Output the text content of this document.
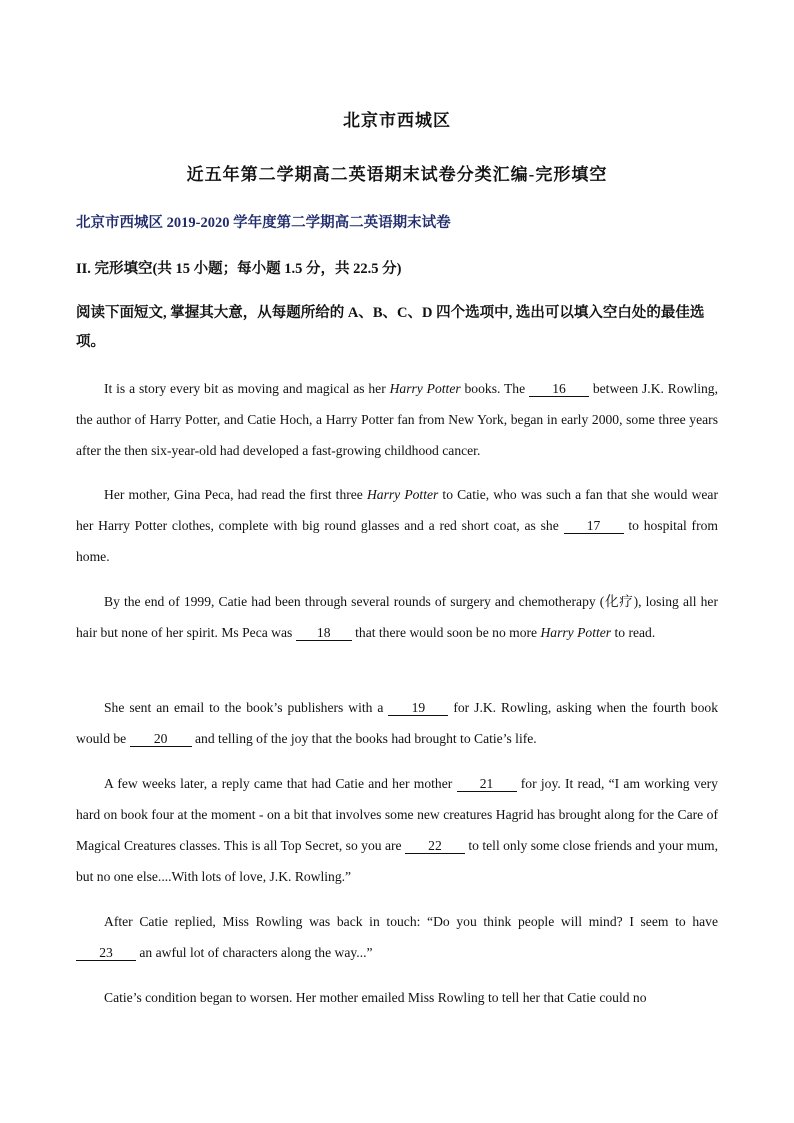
北京市西城区
近五年第二学期高二英语期末试卷分类汇编-完形填空
北京市西城区 2019-2020 学年度第二学期高二英语期末试卷
II. 完形填空(共 15 小题；每小题 1.5 分，共 22.5 分)
阅读下面短文, 掌握其大意，从每题所给的 A、B、C、D 四个选项中, 选出可以填入空白处的最佳选项。
It is a story every bit as moving and magical as her Harry Potter books. The 16 between J.K. Rowling, the author of Harry Potter, and Catie Hoch, a Harry Potter fan from New York, began in early 2000, some three years after the then six-year-old had developed a fast-growing childhood cancer.
Her mother, Gina Peca, had read the first three Harry Potter to Catie, who was such a fan that she would wear her Harry Potter clothes, complete with big round glasses and a red short coat, as she 17 to hospital from home.
By the end of 1999, Catie had been through several rounds of surgery and chemotherapy (化疗), losing all her hair but none of her spirit. Ms Peca was 18 that there would soon be no more Harry Potter to read.
She sent an email to the book’s publishers with a 19 for J.K. Rowling, asking when the fourth book would be 20 and telling of the joy that the books had brought to Catie’s life.
A few weeks later, a reply came that had Catie and her mother 21 for joy. It read, “I am working very hard on book four at the moment - on a bit that involves some new creatures Hagrid has brought along for the Care of Magical Creatures classes. This is all Top Secret, so you are 22 to tell only some close friends and your mum, but no one else....With lots of love, J.K. Rowling.”
After Catie replied, Miss Rowling was back in touch: “Do you think people will mind? I seem to have 23 an awful lot of characters along the way...”
Catie’s condition began to worsen. Her mother emailed Miss Rowling to tell her that Catie could no
